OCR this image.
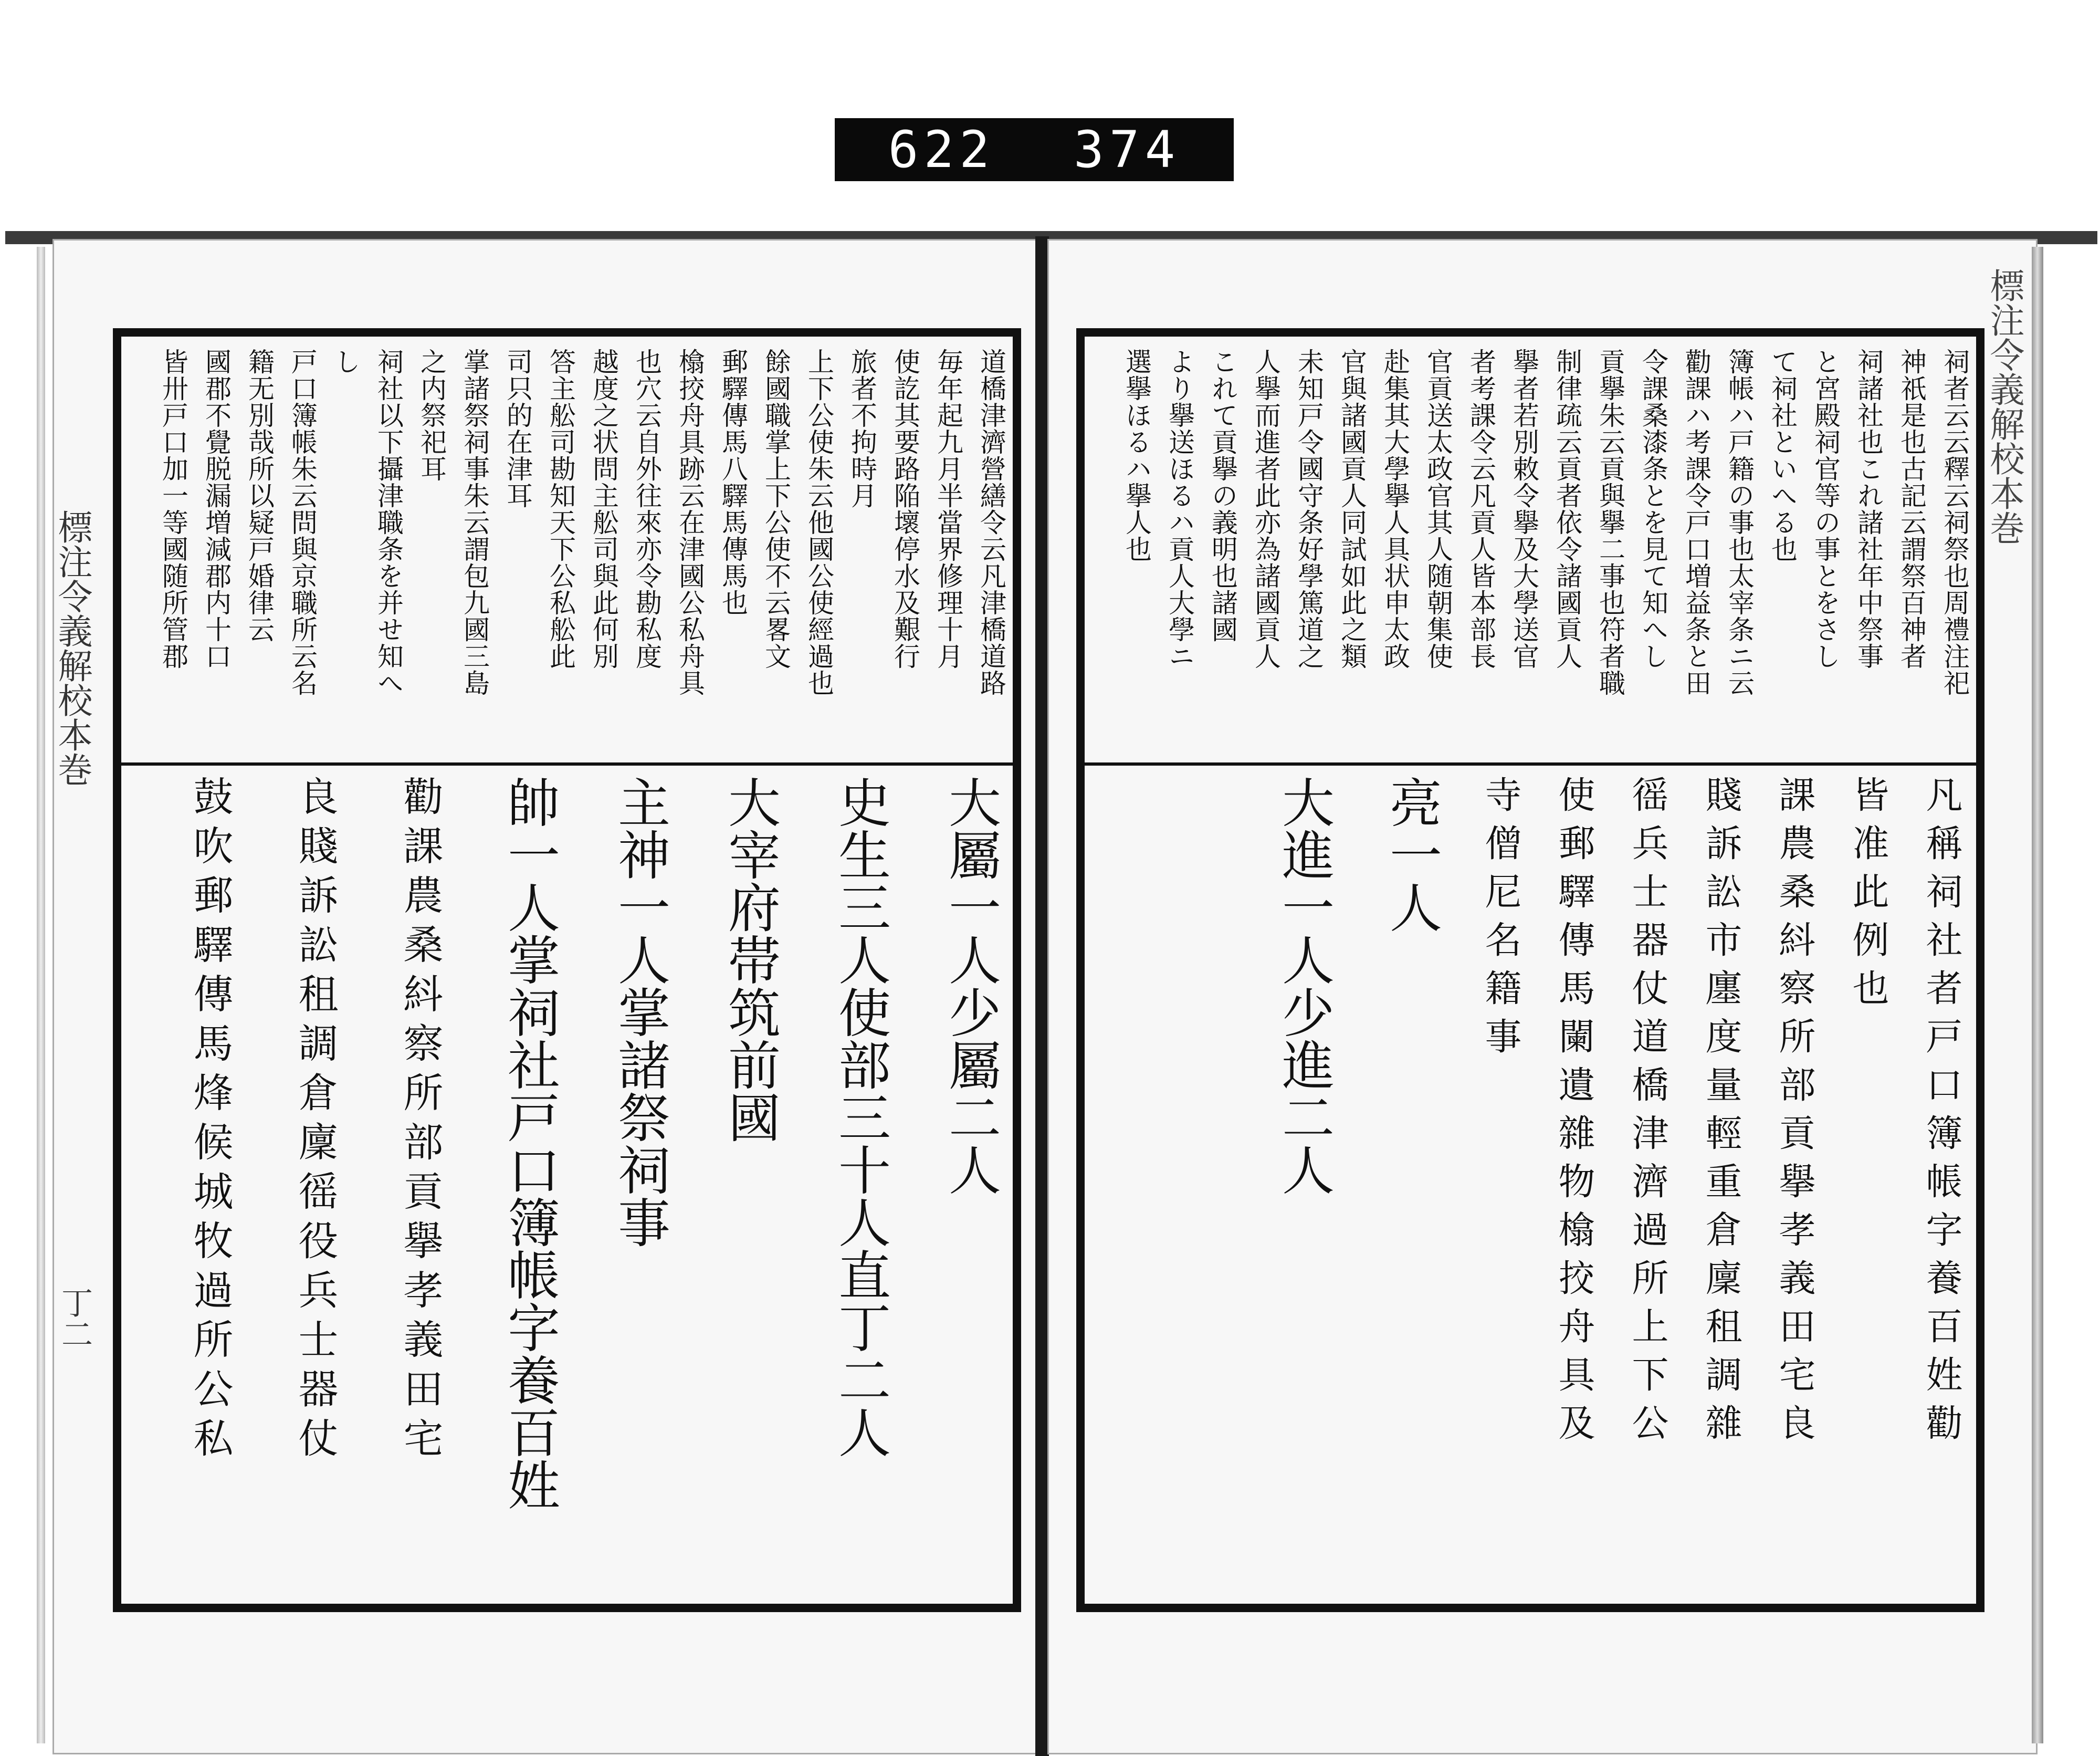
622 374
標注令義解校本巻
丁二
道橋津濟營繕令云凡津橋道路
毎年起九月半當界修理十月
使訖其要路陥壞停水及艱行
旅者不拘時月
上下公使朱云他國公使經過也
餘國職掌上下公使不云畧文
郵驛傳馬八驛馬傳馬也
㯓挍舟具跡云在津國公私舟具
也穴云自外往來亦令勘私度
越度之状問主舩司與此何別
答主舩司勘知天下公私舩此
司只的在津耳
掌諸祭祠事朱云謂包九國三島
之内祭祀耳
祠社以下攝津職条を并せ知へ
し
戸口簿帳朱云問與京職所云名
籍无別哉所以疑戸婚律云
國郡不覺脱漏増減郡内十口
皆卅戸口加一等國随所管郡
大屬一人少屬二人
史生三人使部三十人直丁二人
大宰府帯筑前國
主神一人掌諸祭祠事
帥一人掌祠社戸口簿帳字養百姓
勸課農桑紏察所部貢擧孝義田宅
良賤訴訟租調倉廩徭役兵士器仗
鼓吹郵驛傳馬烽候城牧過所公私
標注令義解校本巻
祠者云云釋云祠祭也周禮注祀
神祇是也古記云謂祭百神者
祠諸社也これ諸社年中祭事
と宮殿祠官等の事とをさし
て祠社といへる也
簿帳ハ戸籍の事也太宰条ニ云
勸課ハ考課令戸口増益条と田
令課桑漆条とを見て知へし
貢擧朱云貢與擧二事也符者職
制律疏云貢者依令諸國貢人
擧者若別敕令擧及大學送官
者考課令云凡貢人皆本部長
官貢送太政官其人随朝集使
赴集其大學擧人具状申太政
官與諸國貢人同試如此之類
未知戸令國守条好學篤道之
人擧而進者此亦為諸國貢人
これて貢擧の義明也諸國
より擧送ほるハ貢人大學ニ
選擧ほるハ擧人也
凡稱祠社者戸口簿帳字養百姓勸
皆准此例也
課農桑紏察所部貢擧孝義田宅良
賤訴訟市廛度量輕重倉廩租調雜
徭兵士器仗道橋津濟過所上下公
使郵驛傳馬闌遺雜物㯓挍舟具及
寺僧尼名籍事
亮一人
大進一人少進二人
